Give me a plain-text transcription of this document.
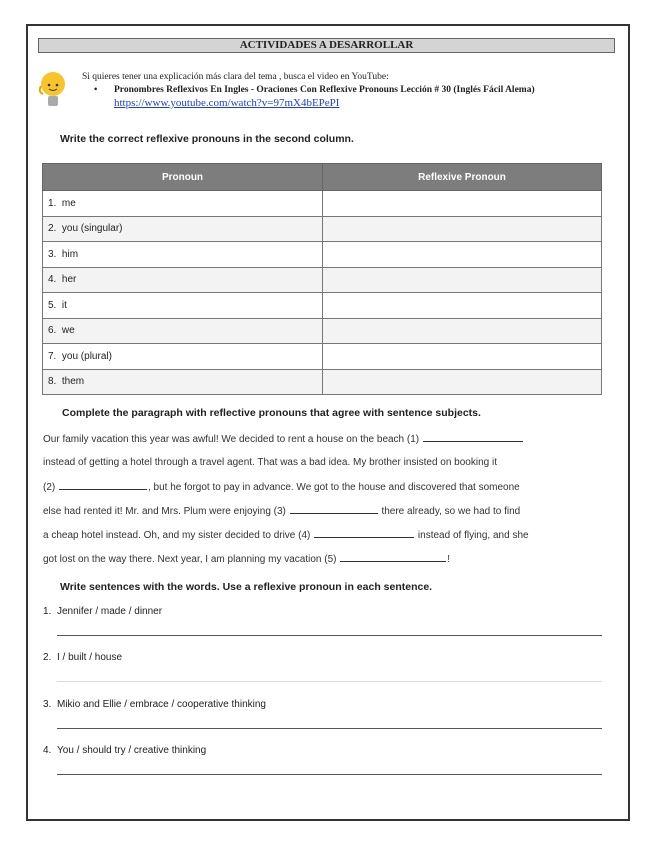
ACTIVIDADES A DESARROLLAR
Si quieres tener una explicación más clara del tema , busca el video en YouTube:
• Pronombres Reflexivos En Ingles - Oraciones Con Reflexive Pronouns Lección # 30 (Inglés Fácil Alema)
https://www.youtube.com/watch?v=97mX4bEPePI
Write the correct reflexive pronouns in the second column.
Pronoun	Reflexive Pronoun
1. me	
2. you (singular)	
3. him	
4. her	
5. it	
6. we	
7. you (plural)	
8. them	
Complete the paragraph with reflective pronouns that agree with sentence subjects.
Our family vacation this year was awful! We decided to rent a house on the beach (1)
instead of getting a hotel through a travel agent. That was a bad idea. My brother insisted on booking it
(2)	, but he forgot to pay in advance. We got to the house and discovered that someone
else had rented it! Mr. and Mrs. Plum were enjoying (3)	there already, so we had to find
a cheap hotel instead. Oh, and my sister decided to drive (4)	instead of flying, and she
got lost on the way there. Next year, I am planning my vacation (5)	!
Write sentences with the words. Use a reflexive pronoun in each sentence.
1. Jennifer / made / dinner
2. I / built / house
3. Mikio and Ellie / embrace / cooperative thinking
4. You / should try / creative thinking
